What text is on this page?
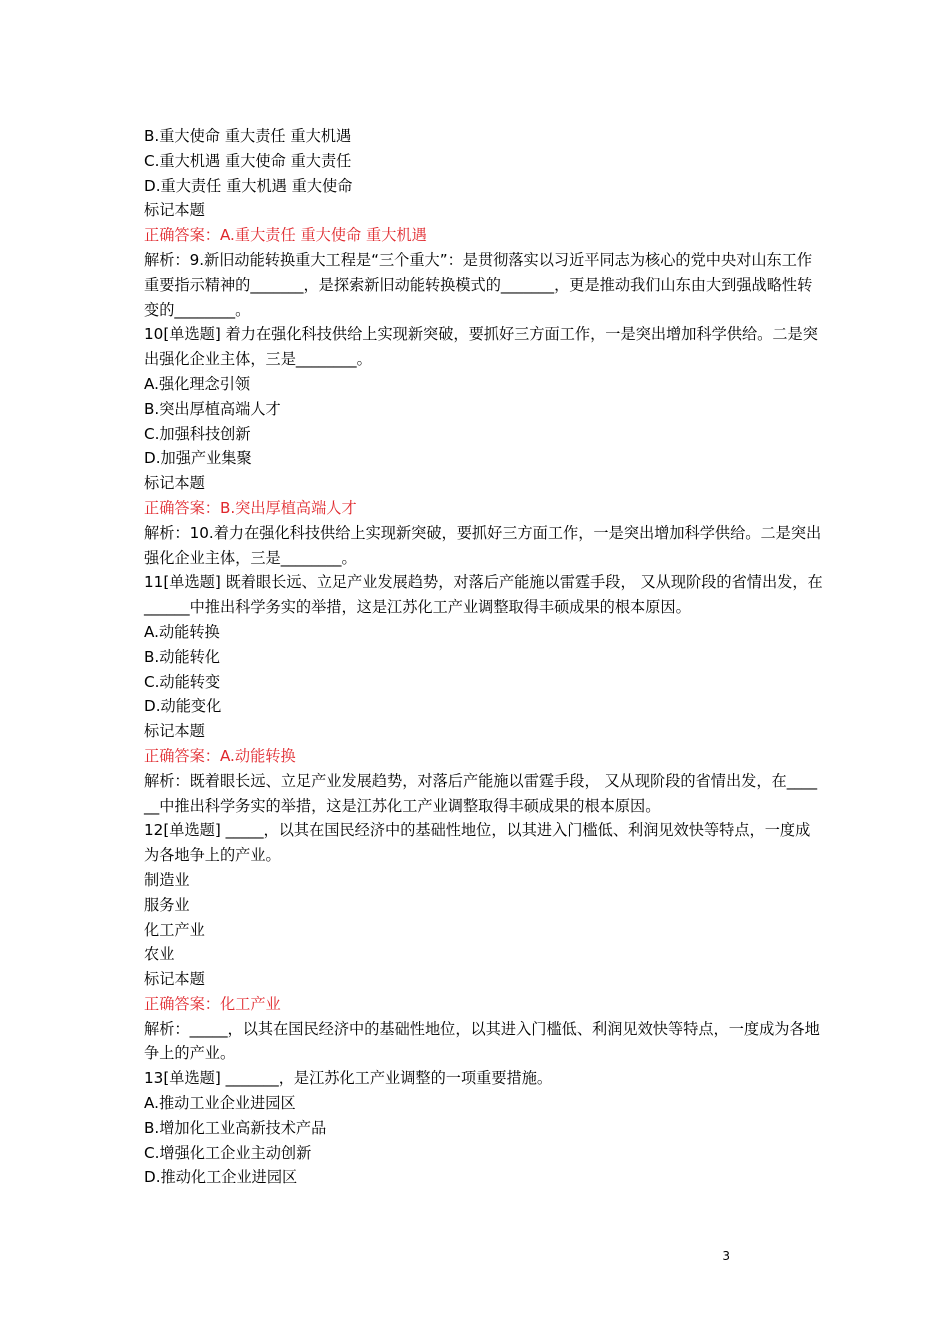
B.重大使命 重大责任 重大机遇
C.重大机遇 重大使命 重大责任
D.重大责任 重大机遇 重大使命
标记本题
正确答案：A.重大责任 重大使命 重大机遇
解析：9.新旧动能转换重大工程是“三个重大”：是贯彻落实以习近平同志为核心的党中央对山东工作重要指示精神的_______，是探索新旧动能转换模式的_______，更是推动我们山东由大到强战略性转变的________。
10[单选题] 着力在强化科技供给上实现新突破，要抓好三方面工作，一是突出增加科学供给。二是突出强化企业主体，三是________。
A.强化理念引领
B.突出厚植高端人才
C.加强科技创新
D.加强产业集聚
标记本题
正确答案：B.突出厚植高端人才
解析：10.着力在强化科技供给上实现新突破，要抓好三方面工作，一是突出增加科学供给。二是突出强化企业主体，三是________。
11[单选题] 既着眼长远、立足产业发展趋势，对落后产能施以雷霆手段， 又从现阶段的省情出发，在______中推出科学务实的举措，这是江苏化工产业调整取得丰硕成果的根本原因。
A.动能转换
B.动能转化
C.动能转变
D.动能变化
标记本题
正确答案：A.动能转换
解析：既着眼长远、立足产业发展趋势，对落后产能施以雷霆手段， 又从现阶段的省情出发，在______中推出科学务实的举措，这是江苏化工产业调整取得丰硕成果的根本原因。
12[单选题] _____，以其在国民经济中的基础性地位，以其进入门槛低、利润见效快等特点，一度成为各地争上的产业。
制造业
服务业
化工产业
农业
标记本题
正确答案：化工产业
解析：_____，以其在国民经济中的基础性地位，以其进入门槛低、利润见效快等特点，一度成为各地争上的产业。
13[单选题] _______，是江苏化工产业调整的一项重要措施。
A.推动工业企业进园区
B.增加化工业高新技术产品
C.增强化工企业主动创新
D.推动化工企业进园区
3
